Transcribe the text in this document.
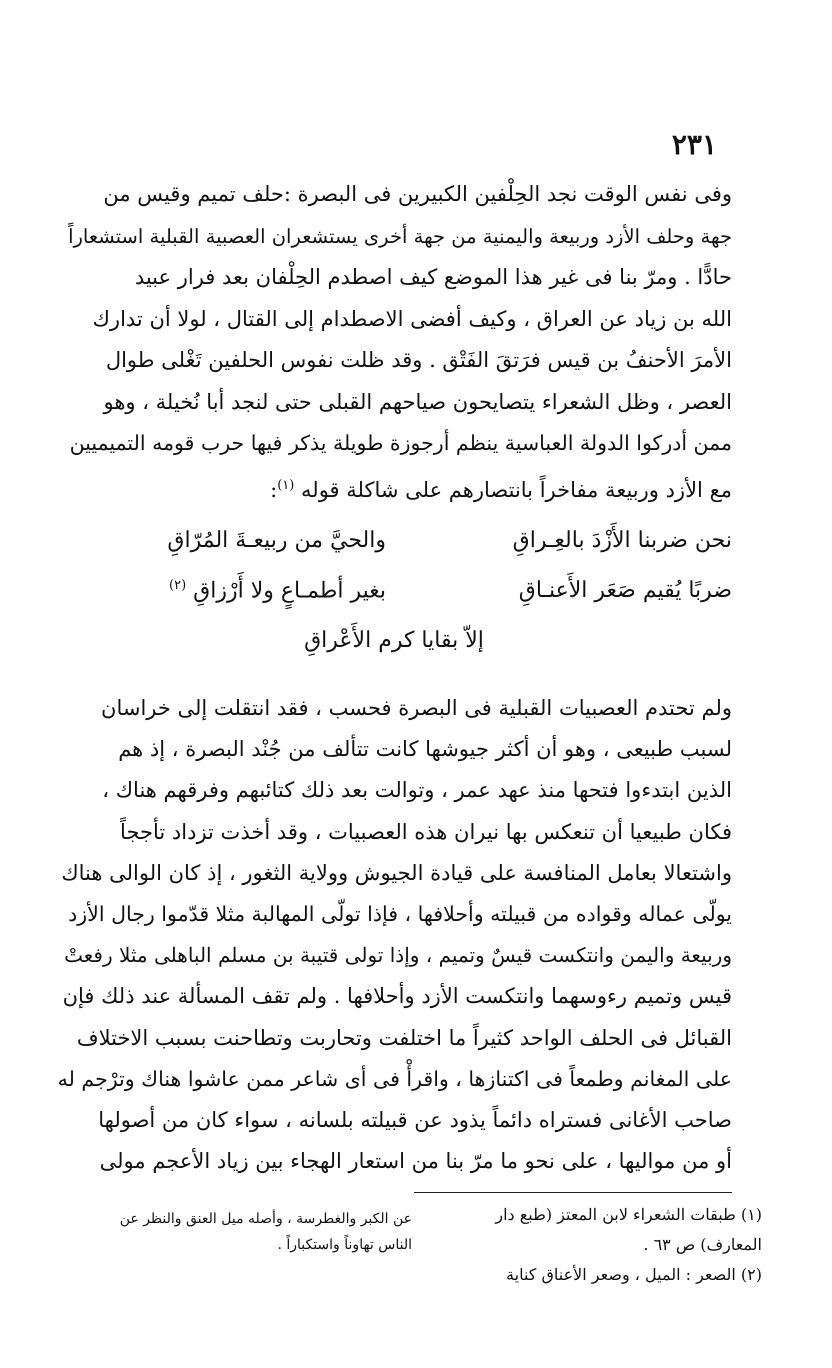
٢٣١
وفى نفس الوقت نجد الحِلْفين الكبيرين فى البصرة :حلف تميم وقيس من
جهة وحلف الأزد وربيعة واليمنية من جهة أخرى يستشعران العصبية القبلية استشعاراً
حادًّا . ومرّ بنا فى غير هذا الموضع كيف اصطدم الحِلْفان بعد فرار عبيد
الله بن زياد عن العراق ، وكيف أفضى الاصطدام إلى القتال ، لولا أن تدارك
الأمرَ الأحنفُ بن قيس فرَتقَ الفَتْق . وقد ظلت نفوس الحلفين تَغْلى طوال
العصر ، وظل الشعراء يتصايحون صياحهم القبلى حتى لنجد أبا نُخيلة ، وهو
ممن أدركوا الدولة العباسية ينظم أرجوزة طويلة يذكر فيها حرب قومه التميميين
مع الأزد وربيعة مفاخراً بانتصارهم على شاكلة قوله $^{(١)}$:
نحن ضربنا الأَزْدَ بالعِـراقِ
والحيَّ من ربيعـةَ المُرّاقِ
ضربًا يُقيم صَعَر الأَعنـاقِ
بغير أطمـاعٍ ولا أَرْزاقِ $^{(٢)}$
إلاّ بقايا كرم الأَعْراقِ
ولم تحتدم العصبيات القبلية فى البصرة فحسب ، فقد انتقلت إلى خراسان
لسبب طبيعى ، وهو أن أكثر جيوشها كانت تتألف من جُنْد البصرة ، إذ هم
الذين ابتدءوا فتحها منذ عهد عمر ، وتوالت بعد ذلك كتائبهم وفرقهم هناك ،
فكان طبيعيا أن تنعكس بها نيران هذه العصبيات ، وقد أخذت تزداد تأججاً
واشتعالا بعامل المنافسة على قيادة الجيوش وولاية الثغور ، إذ كان الوالى هناك
يولّى عماله وقواده من قبيلته وأحلافها ، فإذا تولّى المهالبة مثلا قدّموا رجال الأزد
وربيعة واليمن وانتكست قيسٌ وتميم ، وإذا تولى قتيبة بن مسلم الباهلى مثلا رفعتْ
قيس وتميم رءوسهما وانتكست الأزد وأحلافها . ولم تقف المسألة عند ذلك فإن
القبائل فى الحلف الواحد كثيراً ما اختلفت وتحاربت وتطاحنت بسبب الاختلاف
على المغانم وطمعاً فى اكتنازها ، واقرأْ فى أى شاعر ممن عاشوا هناك وترْجم له
صاحب الأغانى فستراه دائماً يذود عن قبيلته بلسانه ، سواء كان من أصولها
أو من مواليها ، على نحو ما مرّ بنا من استعار الهجاء بين زياد الأعجم مولى
(١) طبقات الشعراء لابن المعتز (طبع دار
المعارف) ص ٦٣ .
(٢) الصعر : الميل ، وصعر الأعناق كناية
عن الكبر والغطرسة ، وأصله ميل العنق والنظر عن
الناس تهاوناً واستكباراً .
